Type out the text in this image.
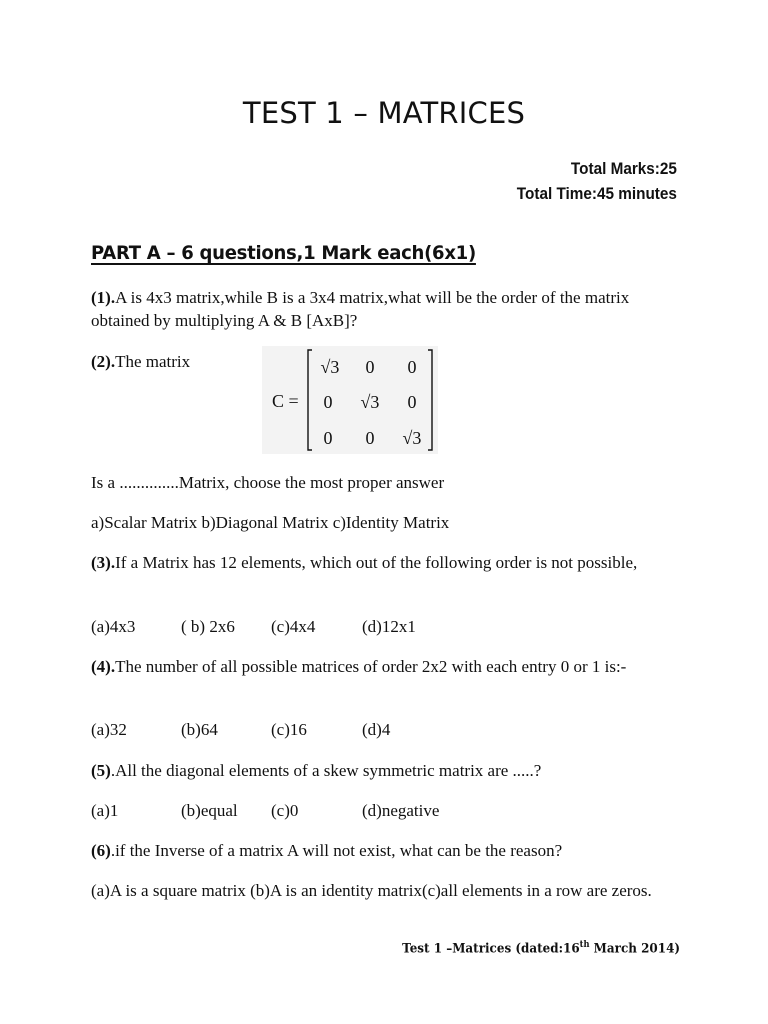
TEST 1 – MATRICES
Total Marks:25
Total Time:45 minutes
PART A – 6 questions,1 Mark each(6x1)
(1).A is 4x3 matrix,while B is a 3x4 matrix,what will be the order of the matrix obtained by multiplying A & B [AxB]?
(2).The matrix
C =
√3 0 0
0 √3 0
0 0 √3
Is a ..............Matrix, choose the most proper answer
a)Scalar Matrix b)Diagonal Matrix c)Identity Matrix
(3).If a Matrix has 12 elements, which out of the following order is not possible,
(a)4x3	( b) 2x6 (c)4x4	(d)12x1
(4).The number of all possible matrices of order 2x2 with each entry 0 or 1 is:-
(a)32	(b)64	(c)16	(d)4
(5).All the diagonal elements of a skew symmetric matrix are .....?
(a)1	(b)equal (c)0	(d)negative
(6).if the Inverse of a matrix A will not exist, what can be the reason?
(a)A is a square matrix (b)A is an identity matrix(c)all elements in a row are zeros.
Test 1 –Matrices (dated:16th March 2014)
